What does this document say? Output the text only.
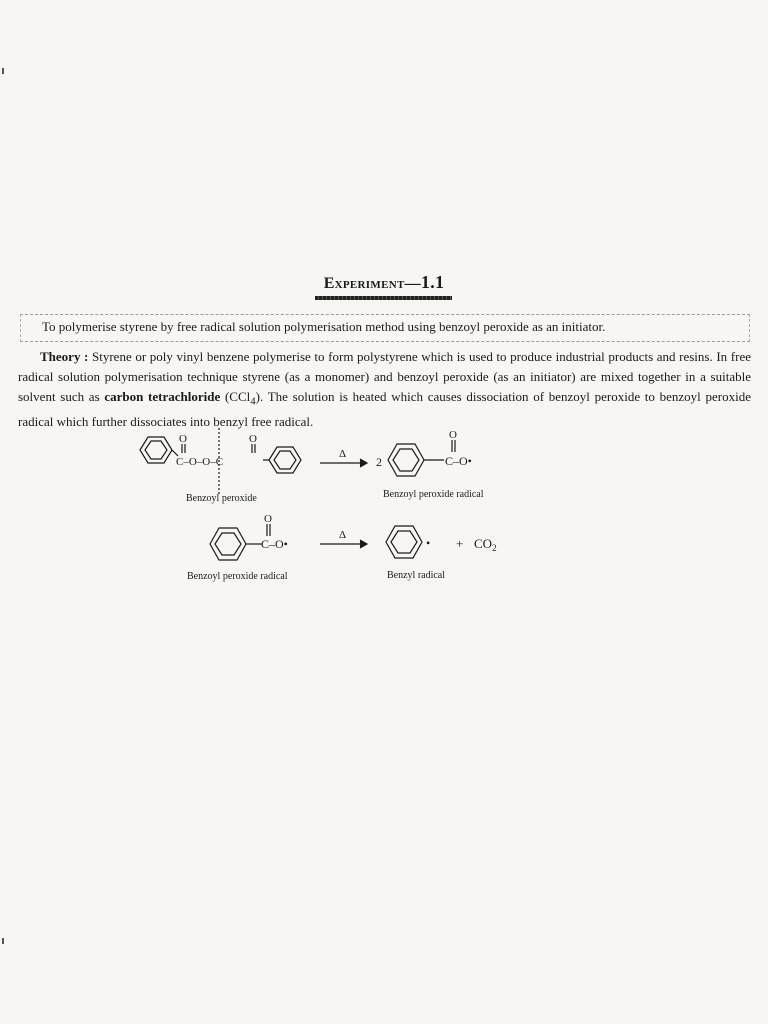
Experiment—1.1
To polymerise styrene by free radical solution polymerisation method using benzoyl peroxide as an initiator.
Theory : Styrene or poly vinyl benzene polymerise to form polystyrene which is used to produce industrial products and resins. In free radical solution polymerisation technique styrene (as a monomer) and benzoyl peroxide (as an initiator) are mixed together in a suitable solvent such as carbon tetrachloride (CCl$_4$). The solution is heated which causes dissociation of benzoyl peroxide to benzoyl peroxide radical which further dissociates into benzyl free radical.
O	O
C–O–O–C
Δ
2
O
C–O•
O
C–O•
Δ
• + $CO_2$
Benzoyl peroxide	Benzoyl peroxide radical
Benzoyl peroxide radical	Benzyl radical
